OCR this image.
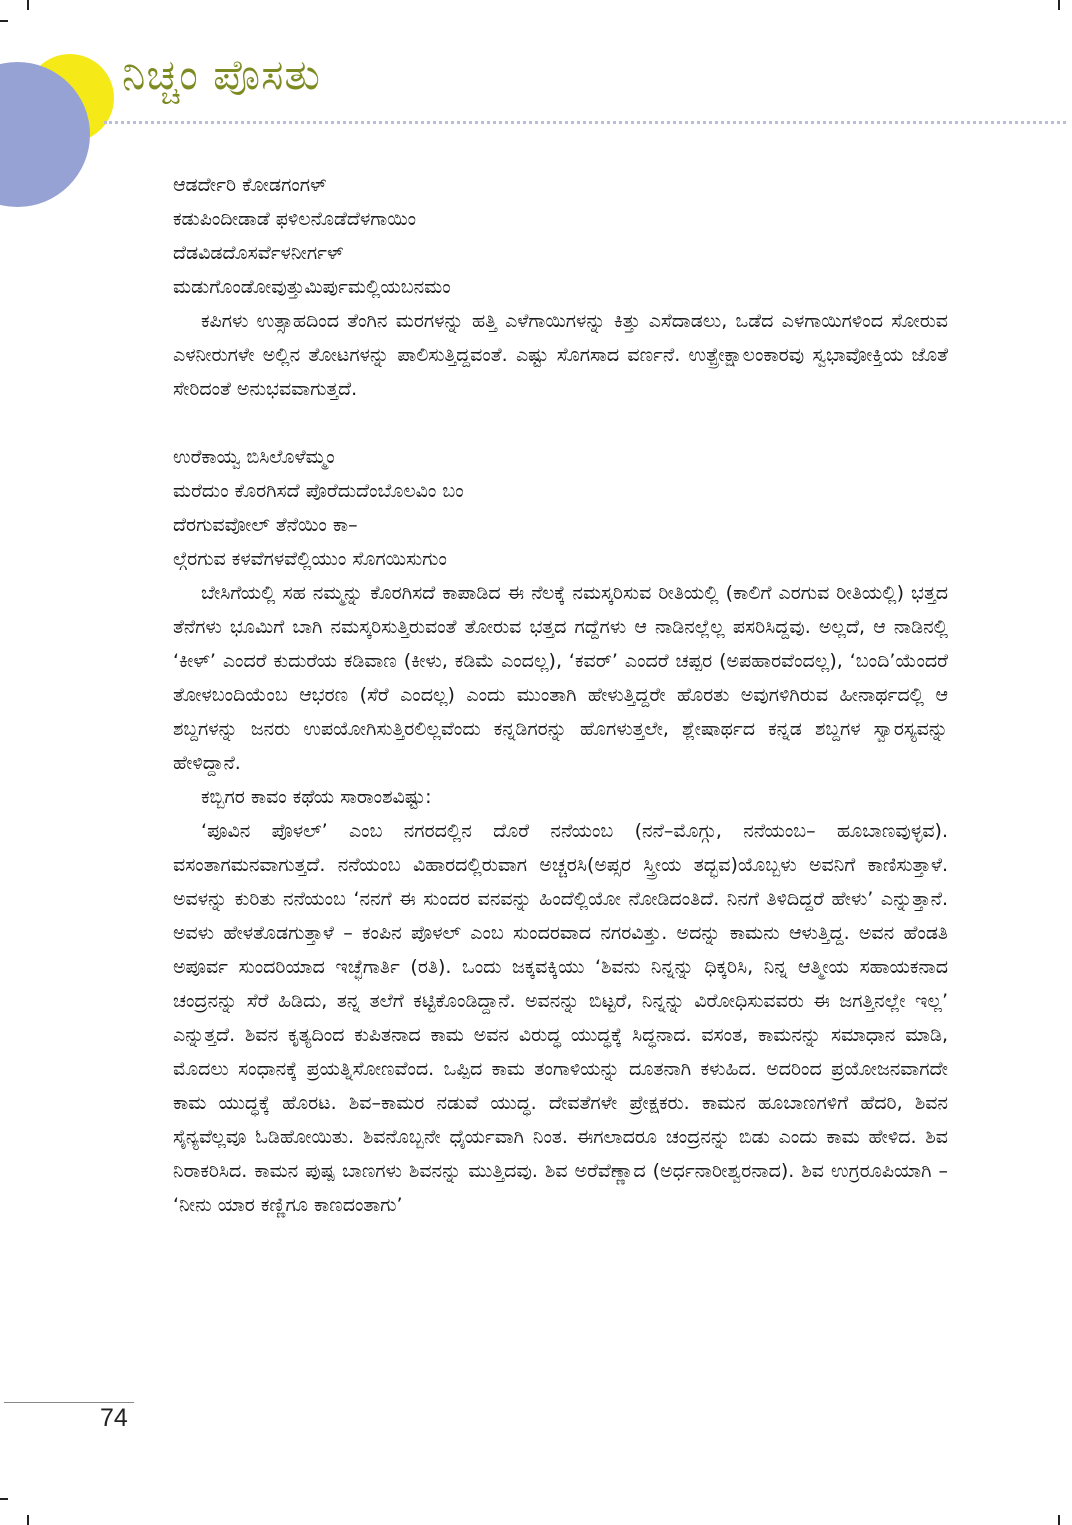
ನಿಚ್ಚಂ ಪೊಸತು
ಆಡರ್ದೇರಿ ಕೋಡಗಂಗಳ್
ಕಡುಪಿಂದೀಡಾಡೆ ಫಳಿಲನೊಡೆದೆಳಗಾಯಿಂ
ದೆಡವಿಡದೊಸರ್ವೆಳನೀರ್ಗಳ್
ಮಡುಗೊಂಡೋವುತ್ತುಮಿರ್ಪುಮಲ್ಲಿಯಬನಮಂ

ಕಪಿಗಳು ಉತ್ಸಾಹದಿಂದ ತೆಂಗಿನ ಮರಗಳನ್ನು ಹತ್ತಿ ಎಳೆಗಾಯಿಗಳನ್ನು ಕಿತ್ತು ಎಸೆದಾಡಲು, ಒಡೆದ ಎಳಗಾಯಿಗಳಿಂದ ಸೋರುವ ಎಳನೀರುಗಳೇ ಅಲ್ಲಿನ ತೋಟಗಳನ್ನು ಪಾಲಿಸುತ್ತಿದ್ದವಂತೆ. ಎಷ್ಟು ಸೊಗಸಾದ ವರ್ಣನೆ. ಉತ್ಪ್ರೇಕ್ಷಾಲಂಕಾರವು ಸ್ವಭಾವೋಕ್ತಿಯ ಜೊತೆ ಸೇರಿದಂತೆ ಅನುಭವವಾಗುತ್ತದೆ.

ಉರೆಕಾಯ್ವ ಬಿಸಿಲೊಳೆಮ್ಮಂ
ಮರೆದುಂ ಕೊರಗಿಸದೆ ಪೊರೆದುದೆಂಬೊಲವಿಂ ಬಂ
ದೆರಗುವವೋಲ್ ತೆನೆಯಿಂ ಕಾ–
ಲ್ಗೆರಗುವ ಕಳವೆಗಳವೆಲ್ಲಿಯುಂ ಸೊಗಯಿಸುಗುಂ

ಬೇಸಿಗೆಯಲ್ಲಿ ಸಹ ನಮ್ಮನ್ನು ಕೊರಗಿಸದೆ ಕಾಪಾಡಿದ ಈ ನೆಲಕ್ಕೆ ನಮಸ್ಕರಿಸುವ ರೀತಿಯಲ್ಲಿ (ಕಾಲಿಗೆ ಎರಗುವ ರೀತಿಯಲ್ಲಿ) ಭತ್ತದ ತೆನೆಗಳು ಭೂಮಿಗೆ ಬಾಗಿ ನಮಸ್ಕರಿಸುತ್ತಿರುವಂತೆ ತೋರುವ ಭತ್ತದ ಗದ್ದೆಗಳು ಆ ನಾಡಿನಲ್ಲೆಲ್ಲ ಪಸರಿಸಿದ್ದವು. ಅಲ್ಲದೆ, ಆ ನಾಡಿನಲ್ಲಿ ‘ಕೀಳ್’ ಎಂದರೆ ಕುದುರೆಯ ಕಡಿವಾಣ (ಕೀಳು, ಕಡಿಮೆ ಎಂದಲ್ಲ), ‘ಕವರ್’ ಎಂದರೆ ಚಪ್ಪರ (ಅಪಹಾರವೆಂದಲ್ಲ), ‘ಬಂದಿ’ಯೆಂದರೆ ತೋಳಬಂದಿಯೆಂಬ ಆಭರಣ (ಸೆರೆ ಎಂದಲ್ಲ) ಎಂದು ಮುಂತಾಗಿ ಹೇಳುತ್ತಿದ್ದರೇ ಹೊರತು ಅವುಗಳಿಗಿರುವ ಹೀನಾರ್ಥದಲ್ಲಿ ಆ ಶಬ್ದಗಳನ್ನು ಜನರು ಉಪಯೋಗಿಸುತ್ತಿರಲಿಲ್ಲವೆಂದು ಕನ್ನಡಿಗರನ್ನು ಹೊಗಳುತ್ತಲೇ, ಶ್ಲೇಷಾರ್ಥದ ಕನ್ನಡ ಶಬ್ದಗಳ ಸ್ವಾರಸ್ಯವನ್ನು ಹೇಳಿದ್ದಾನೆ.

ಕಬ್ಬಿಗರ ಕಾವಂ ಕಥೆಯ ಸಾರಾಂಶವಿಷ್ಟು:

‘ಪೂವಿನ ಪೊಳಲ್’ ಎಂಬ ನಗರದಲ್ಲಿನ ದೊರೆ ನನೆಯಂಬ (ನನೆ–ಮೊಗ್ಗು, ನನೆಯಂಬ– ಹೂಬಾಣವುಳ್ಳವ). ವಸಂತಾಗಮನವಾಗುತ್ತದೆ. ನನೆಯಂಬ ವಿಹಾರದಲ್ಲಿರುವಾಗ ಅಚ್ಚರಸಿ(ಅಪ್ಸರ ಸ್ತ್ರೀಯ ತದ್ಭವ)ಯೊಬ್ಬಳು ಅವನಿಗೆ ಕಾಣಿಸುತ್ತಾಳೆ. ಅವಳನ್ನು ಕುರಿತು ನನೆಯಂಬ ‘ನನಗೆ ಈ ಸುಂದರ ವನವನ್ನು ಹಿಂದೆಲ್ಲಿಯೋ ನೋಡಿದಂತಿದೆ. ನಿನಗೆ ತಿಳಿದಿದ್ದರೆ ಹೇಳು’ ಎನ್ನುತ್ತಾನೆ. ಅವಳು ಹೇಳತೊಡಗುತ್ತಾಳೆ – ಕಂಪಿನ ಪೊಳಲ್ ಎಂಬ ಸುಂದರವಾದ ನಗರವಿತ್ತು. ಅದನ್ನು ಕಾಮನು ಆಳುತ್ತಿದ್ದ. ಅವನ ಹೆಂಡತಿ ಅಪೂರ್ವ ಸುಂದರಿಯಾದ ಇಚ್ಛೆಗಾರ್ತಿ (ರತಿ). ಒಂದು ಜಕ್ಕವಕ್ಕಿಯು ‘ಶಿವನು ನಿನ್ನನ್ನು ಧಿಕ್ಕರಿಸಿ, ನಿನ್ನ ಆತ್ಮೀಯ ಸಹಾಯಕನಾದ ಚಂದ್ರನನ್ನು ಸೆರೆ ಹಿಡಿದು, ತನ್ನ ತಲೆಗೆ ಕಟ್ಟಿಕೊಂಡಿದ್ದಾನೆ. ಅವನನ್ನು ಬಿಟ್ಟರೆ, ನಿನ್ನನ್ನು ವಿರೋಧಿಸುವವರು ಈ ಜಗತ್ತಿನಲ್ಲೇ ಇಲ್ಲ’ ಎನ್ನುತ್ತದೆ. ಶಿವನ ಕೃತ್ಯದಿಂದ ಕುಪಿತನಾದ ಕಾಮ ಅವನ ವಿರುದ್ಧ ಯುದ್ಧಕ್ಕೆ ಸಿದ್ಧನಾದ. ವಸಂತ, ಕಾಮನನ್ನು ಸಮಾಧಾನ ಮಾಡಿ, ಮೊದಲು ಸಂಧಾನಕ್ಕೆ ಪ್ರಯತ್ನಿಸೋಣವೆಂದ. ಒಪ್ಪಿದ ಕಾಮ ತಂಗಾಳಿಯನ್ನು ದೂತನಾಗಿ ಕಳುಹಿದ. ಅದರಿಂದ ಪ್ರಯೋಜನವಾಗದೇ ಕಾಮ ಯುದ್ಧಕ್ಕೆ ಹೊರಟ. ಶಿವ–ಕಾಮರ ನಡುವೆ ಯುದ್ಧ. ದೇವತೆಗಳೇ ಪ್ರೇಕ್ಷಕರು. ಕಾಮನ ಹೂಬಾಣಗಳಿಗೆ ಹೆದರಿ, ಶಿವನ ಸೈನ್ಯವೆಲ್ಲವೂ ಓಡಿಹೋಯಿತು. ಶಿವನೊಬ್ಬನೇ ಧೈರ್ಯವಾಗಿ ನಿಂತ. ಈಗಲಾದರೂ ಚಂದ್ರನನ್ನು ಬಿಡು ಎಂದು ಕಾಮ ಹೇಳಿದ. ಶಿವ ನಿರಾಕರಿಸಿದ. ಕಾಮನ ಪುಷ್ಪ ಬಾಣಗಳು ಶಿವನನ್ನು ಮುತ್ತಿದವು. ಶಿವ ಅರೆವೆಣ್ಣಾದ (ಅರ್ಧನಾರೀಶ್ವರನಾದ). ಶಿವ ಉಗ್ರರೂಪಿಯಾಗಿ – ‘ನೀನು ಯಾರ ಕಣ್ಣಿಗೂ ಕಾಣದಂತಾಗು’

74
